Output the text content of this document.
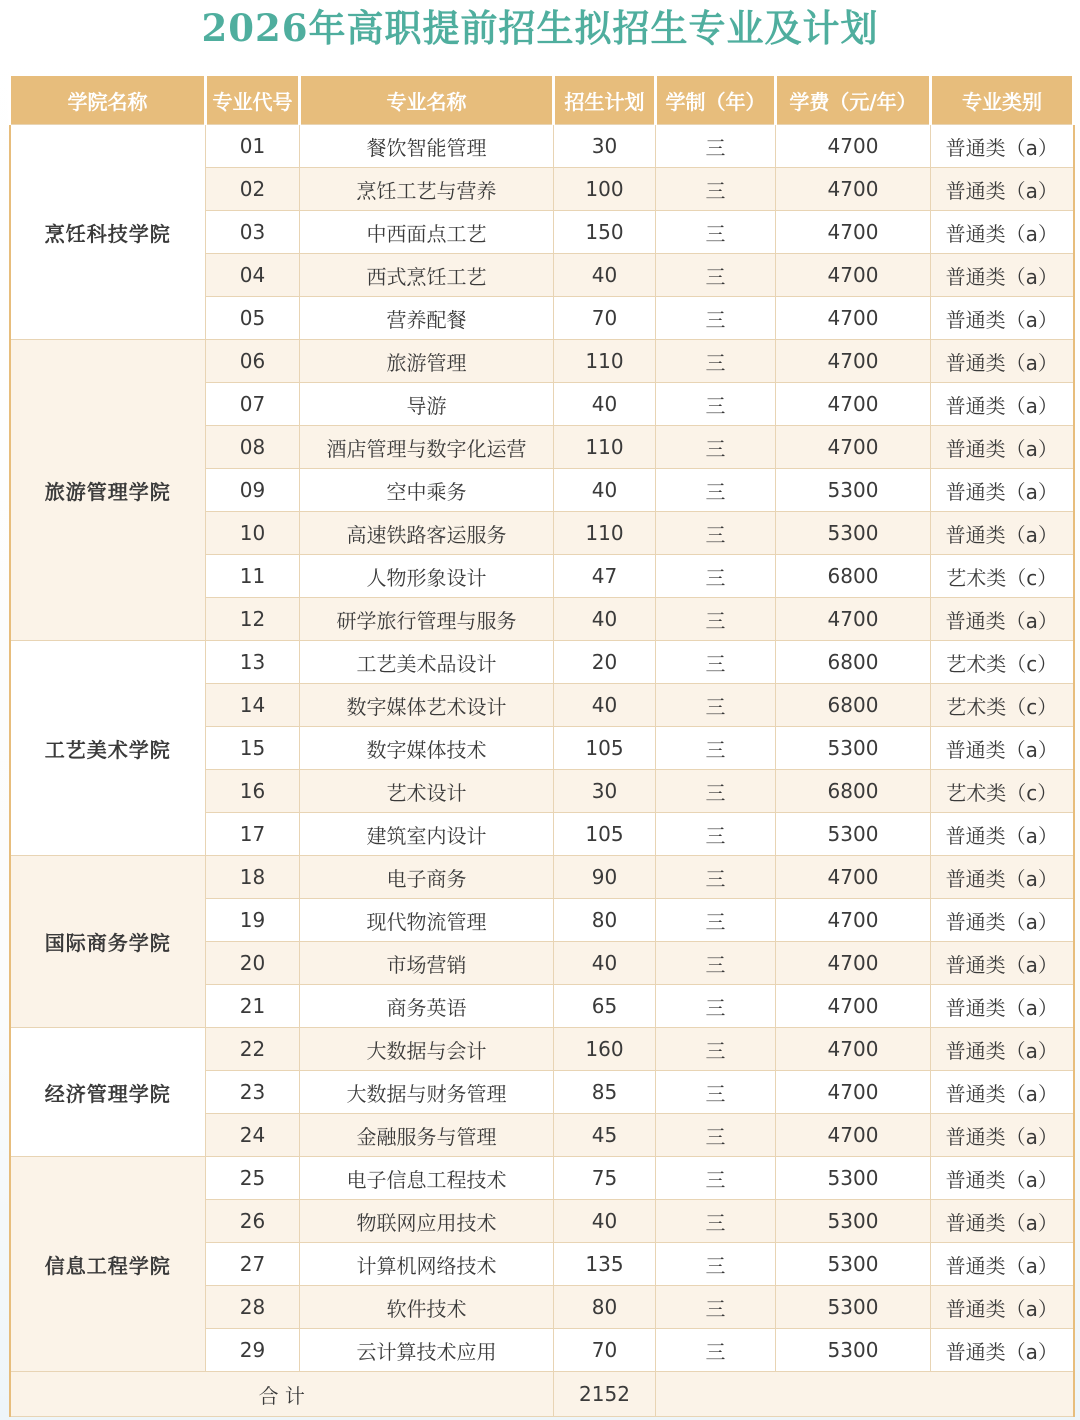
2026年高职提前招生拟招生专业及计划
学院名称	专业代号	专业名称	招生计划	学制（年）	学费（元/年）	专业类别
烹饪科技学院	01	餐饮智能管理	30	三	4700	普通类（a）
	02	烹饪工艺与营养	100	三	4700	普通类（a）
	03	中西面点工艺	150	三	4700	普通类（a）
	04	西式烹饪工艺	40	三	4700	普通类（a）
	05	营养配餐	70	三	4700	普通类（a）
旅游管理学院	06	旅游管理	110	三	4700	普通类（a）
	07	导游	40	三	4700	普通类（a）
	08	酒店管理与数字化运营	110	三	4700	普通类（a）
	09	空中乘务	40	三	5300	普通类（a）
	10	高速铁路客运服务	110	三	5300	普通类（a）
	11	人物形象设计	47	三	6800	艺术类（c）
	12	研学旅行管理与服务	40	三	4700	普通类（a）
工艺美术学院	13	工艺美术品设计	20	三	6800	艺术类（c）
	14	数字媒体艺术设计	40	三	6800	艺术类（c）
	15	数字媒体技术	105	三	5300	普通类（a）
	16	艺术设计	30	三	6800	艺术类（c）
	17	建筑室内设计	105	三	5300	普通类（a）
国际商务学院	18	电子商务	90	三	4700	普通类（a）
	19	现代物流管理	80	三	4700	普通类（a）
	20	市场营销	40	三	4700	普通类（a）
	21	商务英语	65	三	4700	普通类（a）
经济管理学院	22	大数据与会计	160	三	4700	普通类（a）
	23	大数据与财务管理	85	三	4700	普通类（a）
	24	金融服务与管理	45	三	4700	普通类（a）
信息工程学院	25	电子信息工程技术	75	三	5300	普通类（a）
	26	物联网应用技术	40	三	5300	普通类（a）
	27	计算机网络技术	135	三	5300	普通类（a）
	28	软件技术	80	三	5300	普通类（a）
	29	云计算技术应用	70	三	5300	普通类（a）
合 计			2152			
